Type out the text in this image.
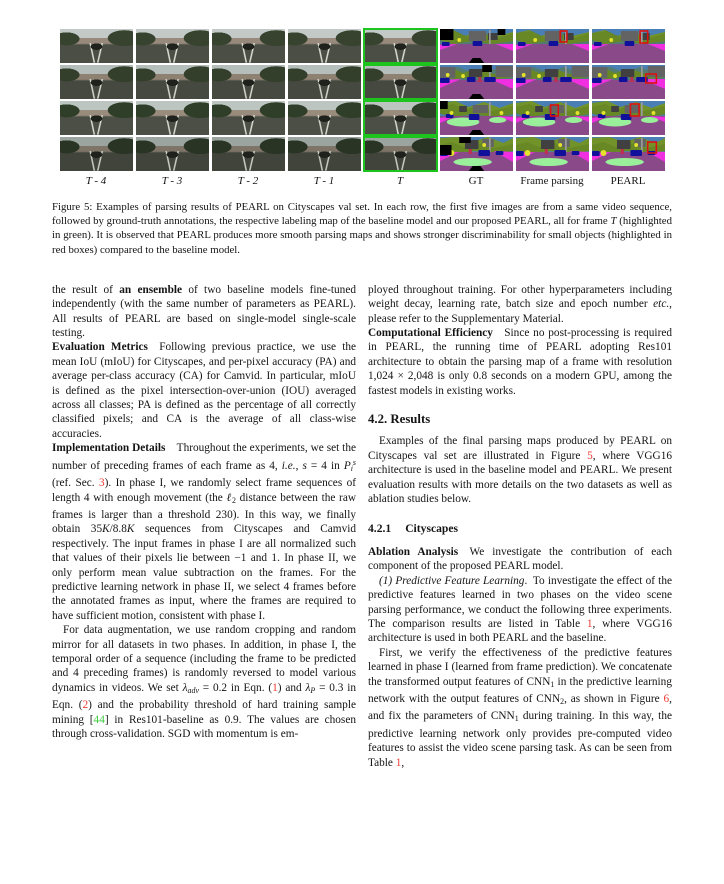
T - 4	T - 3	T - 2	T - 1	T	GT	Frame parsing	PEARL
Figure 5: Examples of parsing results of PEARL on Cityscapes val set. In each row, the first five images are from a same video sequence, followed by ground-truth annotations, the respective labeling map of the baseline model and our proposed PEARL, all for frame T (highlighted in green). It is observed that PEARL produces more smooth parsing maps and shows stronger discriminability for small objects (highlighted in red boxes) compared to the baseline model.

the result of an ensemble of two baseline models fine-tuned independently (with the same number of parameters as PEARL). All results of PEARL are based on single-model single-scale testing.

Evaluation Metrics Following previous practice, we use the mean IoU (mIoU) for Cityscapes, and per-pixel accuracy (PA) and average per-class accuracy (CA) for Camvid. In particular, mIoU is defined as the pixel intersection-over-union (IOU) averaged across all classes; PA is defined as the percentage of all correctly classified pixels; and CA is the average of all class-wise accuracies.

Implementation Details Throughout the experiments, we set the number of preceding frames of each frame as 4, i.e., s = 4 in Pi$^s$ (ref. Sec. 3). In phase I, we randomly select frame sequences of length 4 with enough movement (the ℓ$_2$ distance between the raw frames is larger than a threshold 230). In this way, we finally obtain 35K/8.8K sequences from Cityscapes and Camvid respectively. The input frames in phase I are all normalized such that values of their pixels lie between −1 and 1. In phase II, we only perform mean value subtraction on the frames. For the predictive learning network in phase II, we select 4 frames before the annotated frames as input, where the frames are required to have sufficient motion, consistent with phase I.

For data augmentation, we use random cropping and random mirror for all datasets in two phases. In addition, in phase I, the temporal order of a sequence (including the frame to be predicted and 4 preceding frames) is randomly reversed to model various dynamics in videos. We set λadv = 0.2 in Eqn. (1) and λP = 0.3 in Eqn. (2) and the probability threshold of hard training sample mining [44] in Res101-baseline as 0.9. The values are chosen through cross-validation. SGD with momentum is em-

ployed throughout training. For other hyperparameters including weight decay, learning rate, batch size and epoch number etc., please refer to the Supplementary Material.

Computational Efficiency Since no post-processing is required in PEARL, the running time of PEARL adopting Res101 architecture to obtain the parsing map of a frame with resolution 1,024 × 2,048 is only 0.8 seconds on a modern GPU, among the fastest models in existing works.

4.2. Results

Examples of the final parsing maps produced by PEARL on Cityscapes val set are illustrated in Figure 5, where VGG16 architecture is used in the baseline model and PEARL. We present evaluation results with more details on the two datasets as well as ablation studies below.

4.2.1 Cityscapes

Ablation Analysis We investigate the contribution of each component of the proposed PEARL model.

(1) Predictive Feature Learning. To investigate the effect of the predictive features learned in two phases on the video scene parsing performance, we conduct the following three experiments. The comparison results are listed in Table 1, where VGG16 architecture is used in both PEARL and the baseline.

First, we verify the effectiveness of the predictive features learned in phase I (learned from frame prediction). We concatenate the transformed output features of $CNN_1$ in the predictive learning network with the output features of $CNN_2$, as shown in Figure 6, and fix the parameters of $CNN_1$ during training. In this way, the predictive learning network only provides pre-computed video features to assist the video scene parsing task. As can be seen from Table 1,
